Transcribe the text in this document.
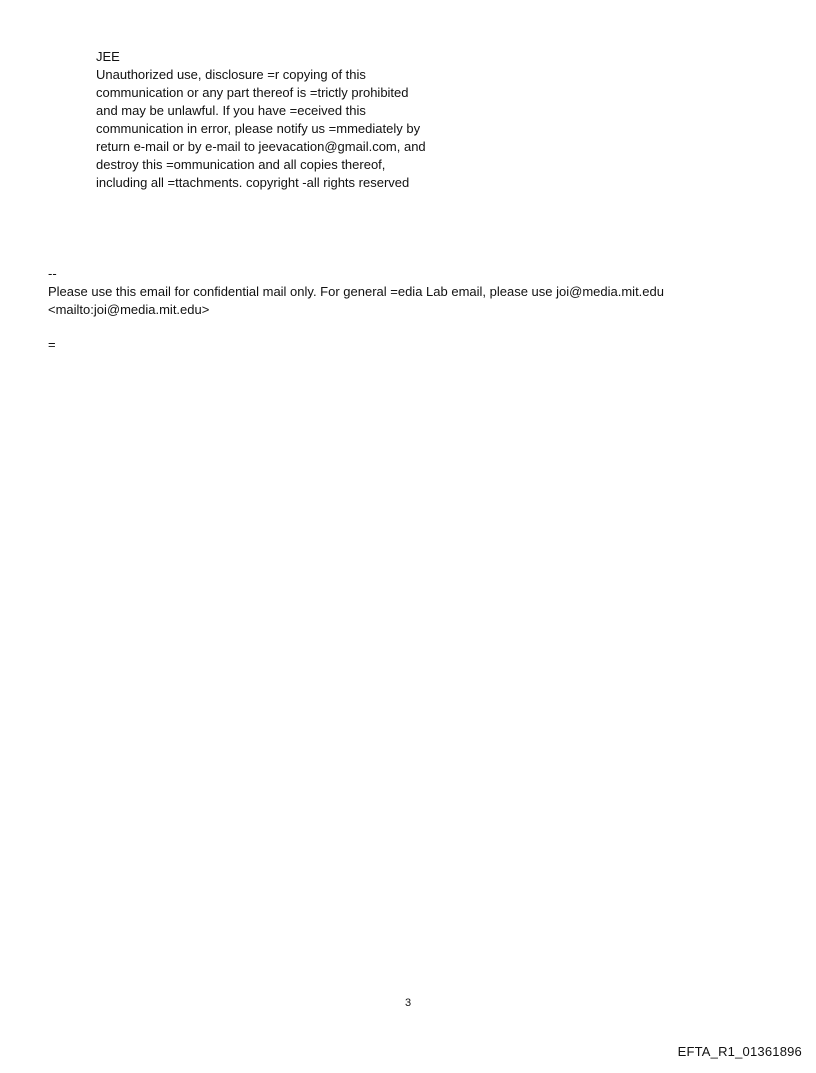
JEE
Unauthorized use, disclosure =r copying of this
communication or any part thereof is =trictly prohibited
and may be unlawful. If you have =eceived this
communication in error, please notify us =mmediately by
return e-mail or by e-mail to jeevacation@gmail.com, and
destroy this =ommunication and all copies thereof,
including all =ttachments. copyright -all rights reserved
--
Please use this email for confidential mail only. For general =edia Lab email, please use joi@media.mit.edu
<mailto:joi@media.mit.edu>
=
3
EFTA_R1_01361896
